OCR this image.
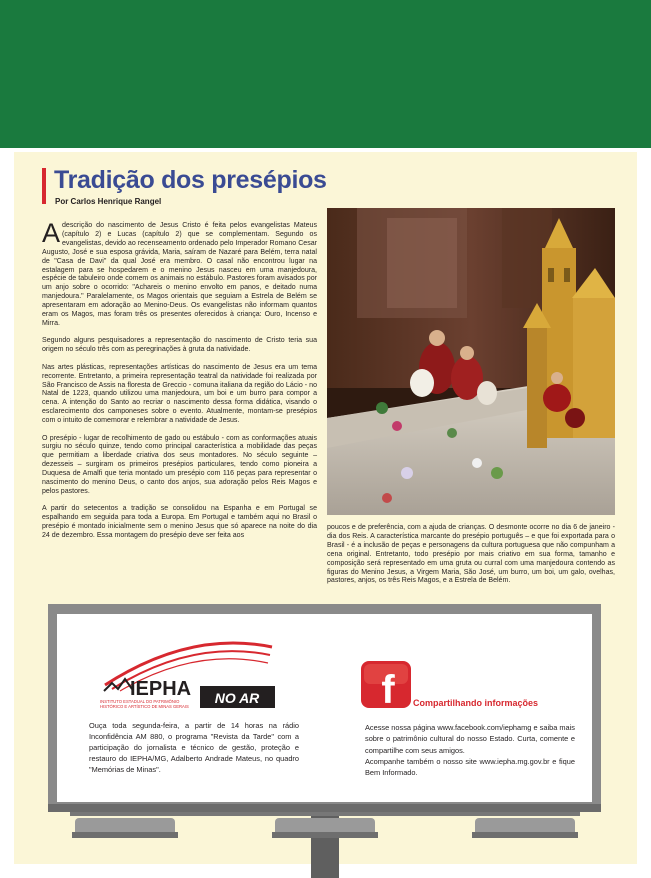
Tradição dos presépios
Por Carlos Henrique Rangel

Adescrição do nascimento de Jesus Cristo é feita pelos evangelistas Mateus (capítulo 2) e Lucas (capítulo 2) que se complementam. Segundo os evangelistas, devido ao recenseamento ordenado pelo Imperador Romano Cesar Augusto, José e sua esposa grávida, Maria, saíram de Nazaré para Belém, terra natal de "Casa de Davi" da qual José era membro. O casal não encontrou lugar na estalagem para se hospedarem e o menino Jesus nasceu em uma manjedoura, espécie de tabuleiro onde comem os animais no estábulo. Pastores foram avisados por um anjo sobre o ocorrido: "Achareis o menino envolto em panos, e deitado numa manjedoura." Paralelamente, os Magos orientais que seguiam a Estrela de Belém se apresentaram em adoração ao Menino-Deus. Os evangelistas não informam quantos eram os Magos, mas foram três os presentes oferecidos à criança: Ouro, Incenso e Mirra.

Segundo alguns pesquisadores a representação do nascimento de Cristo teria sua origem no século três com as peregrinações à gruta da natividade.

Nas artes plásticas, representações artísticas do nascimento de Jesus era um tema recorrente. Entretanto, a primeira representação teatral da natividade foi realizada por São Francisco de Assis na floresta de Greccio - comuna italiana da região do Lácio - no Natal de 1223, quando utilizou uma manjedoura, um boi e um burro para compor a cena. A intenção do Santo ao recriar o nascimento dessa forma didática, visando o esclarecimento dos camponeses sobre o evento. Atualmente, montam-se presépios com o intuito de comemorar e relembrar a natividade de Jesus.

O presépio - lugar de recolhimento de gado ou estábulo - com as conformações atuais surgiu no século quinze, tendo como principal característica a mobilidade das peças que permitiam a liberdade criativa dos seus montadores. No século seguinte – dezesseis – surgiram os primeiros presépios particulares, tendo como pioneira a Duquesa de Amalfi que teria montado um presépio com 116 peças para representar o nascimento do menino Deus, o canto dos anjos, sua adoração pelos Reis Magos e pelos pastores.

A partir do setecentos a tradição se consolidou na Espanha e em Portugal se espalhando em seguida para toda a Europa. Em Portugal e também aqui no Brasil o presépio é montado inicialmente sem o menino Jesus que só aparece na noite do dia 24 de dezembro. Essa montagem do presépio deve ser feita aos

poucos e de preferência, com a ajuda de crianças. O desmonte ocorre no dia 6 de janeiro - dia dos Reis. A característica marcante do presépio português – e que foi exportada para o Brasil - é a inclusão de peças e personagens da cultura portuguesa que não compunham a cena original. Entretanto, todo presépio por mais criativo em sua forma, tamanho e composição será representado em uma gruta ou curral com uma manjedoura contendo as figuras do Menino Jesus, a Virgem Maria, São José, um burro, um boi, um galo, ovelhas, pastores, anjos, os três Reis Magos, e a Estrela de Belém.

IEPHA
INSTITUTO ESTADUAL DO PATRIMÔNIO
HISTÓRICO E ARTÍSTICO DE MINAS GERAIS
NO AR
Ouça toda segunda-feira, a partir de 14 horas na rádio Inconfidência AM 880, o programa "Revista da Tarde" com a participação do jornalista e técnico de gestão, proteção e restauro do IEPHA/MG, Adalberto Andrade Mateus, no quadro "Memórias de Minas".
f Compartilhando informações

Acesse nossa página www.facebook.com/iephamg e saiba mais sobre o patrimônio cultural do nosso Estado. Curta, comente e compartilhe com seus amigos.

Acompanhe também o nosso site www.iepha.mg.gov.br e fique Bem Informado.
